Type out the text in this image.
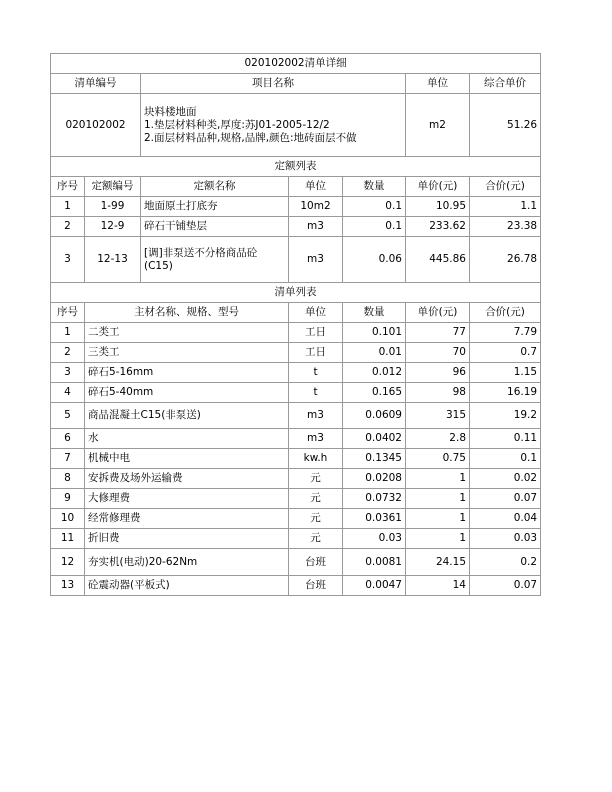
020102002清单详细						
清单编号		项目名称			单位	综合单价
020102002		块料楼地面
1.垫层材料种类,厚度:苏J01-2005-12/2
2.面层材料品种,规格,品牌,颜色:地砖面层不做			m2	51.26
定额列表						
序号	定额编号	定额名称	单位	数量	单价(元)	合价(元)
1	1-99	地面原土打底夯	10m2	0.1	10.95	1.1
2	12-9	碎石干铺垫层	m3	0.1	233.62	23.38
3	12-13	[调]非泵送不分格商品砼(C15)	m3	0.06	445.86	26.78
清单列表						
序号	主材名称、规格、型号		单位	数量	单价(元)	合价(元)
1	二类工		工日	0.101	77	7.79
2	三类工		工日	0.01	70	0.7
3	碎石5-16mm		t	0.012	96	1.15
4	碎石5-40mm		t	0.165	98	16.19
5	商品混凝土C15(非泵送)		m3	0.0609	315	19.2
6	水		m3	0.0402	2.8	0.11
7	机械中电		kw.h	0.1345	0.75	0.1
8	安拆费及场外运输费		元	0.0208	1	0.02
9	大修理费		元	0.0732	1	0.07
10	经常修理费		元	0.0361	1	0.04
11	折旧费		元	0.03	1	0.03
12	夯实机(电动)20-62Nm		台班	0.0081	24.15	0.2
13	砼震动器(平板式)		台班	0.0047	14	0.07
